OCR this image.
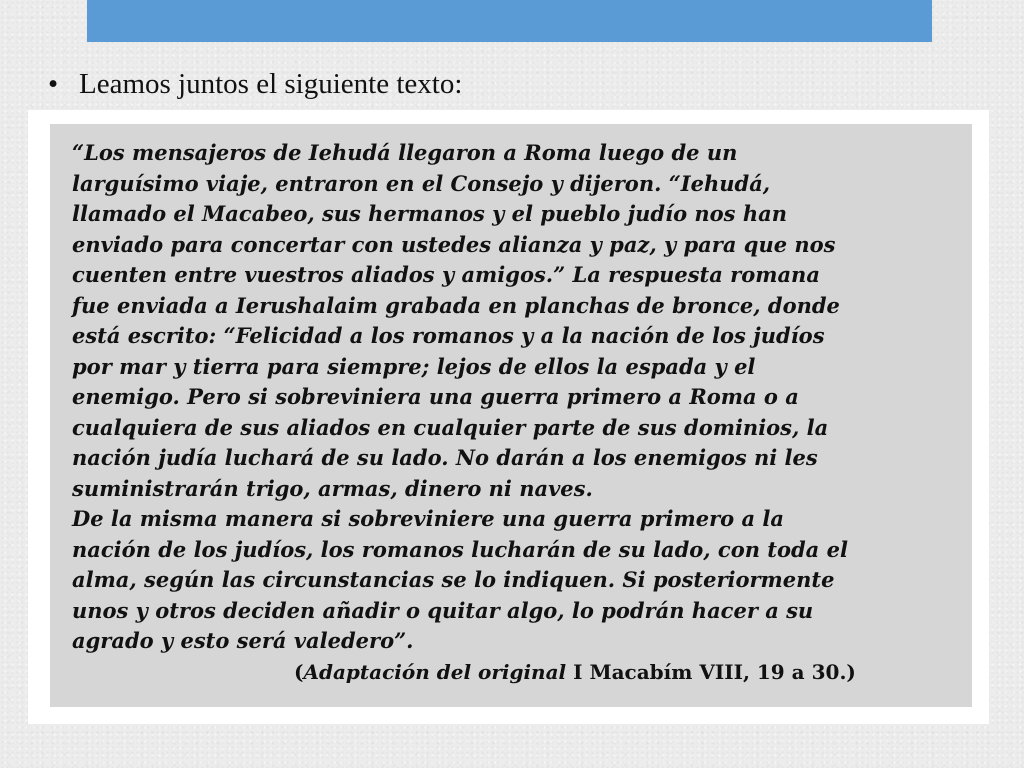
• Leamos juntos el siguiente texto:
“Los mensajeros de Iehudá llegaron a Roma luego de un
larguísimo viaje, entraron en el Consejo y dijeron. “Iehudá,
llamado el Macabeo, sus hermanos y el pueblo judío nos han
enviado para concertar con ustedes alianza y paz, y para que nos
cuenten entre vuestros aliados y amigos.” La respuesta romana
fue enviada a Ierushalaim grabada en planchas de bronce, donde
está escrito: “Felicidad a los romanos y a la nación de los judíos
por mar y tierra para siempre; lejos de ellos la espada y el
enemigo. Pero si sobreviniera una guerra primero a Roma o a
cualquiera de sus aliados en cualquier parte de sus dominios, la
nación judía luchará de su lado. No darán a los enemigos ni les
suministrarán trigo, armas, dinero ni naves.
De la misma manera si sobreviniere una guerra primero a la
nación de los judíos, los romanos lucharán de su lado, con toda el
alma, según las circunstancias se lo indiquen. Si posteriormente
unos y otros deciden añadir o quitar algo, lo podrán hacer a su
agrado y esto será valedero”.
(Adaptación del original I Macabím VIII, 19 a 30.)
